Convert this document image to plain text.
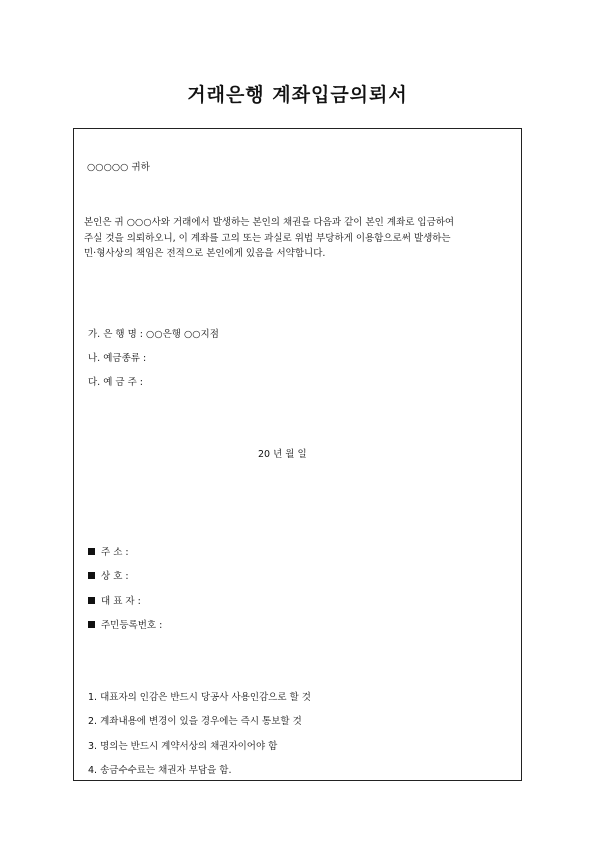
거래은행 계좌입금의뢰서
○○○○○ 귀하
본인은 귀 ○○○사와 거래에서 발생하는 본인의 채권을 다음과 같이 본인 계좌로 입금하여
주실 것을 의뢰하오니, 이 계좌를 고의 또는 과실로 위법 부당하게 이용함으로써 발생하는
민·형사상의 책임은 전적으로 본인에게 있음을 서약합니다.
가. 은 행 명 : ○○은행 ○○지점
나. 예금종류 :
다. 예 금 주 :
20 년 월 일
주 소 :
상 호 :
대 표 자 :
주민등록번호 :
1. 대표자의 인감은 반드시 당공사 사용인감으로 할 것
2. 계좌내용에 변경이 있을 경우에는 즉시 통보할 것
3. 명의는 반드시 계약서상의 채권자이어야 함
4. 송금수수료는 채권자 부담을 함.
